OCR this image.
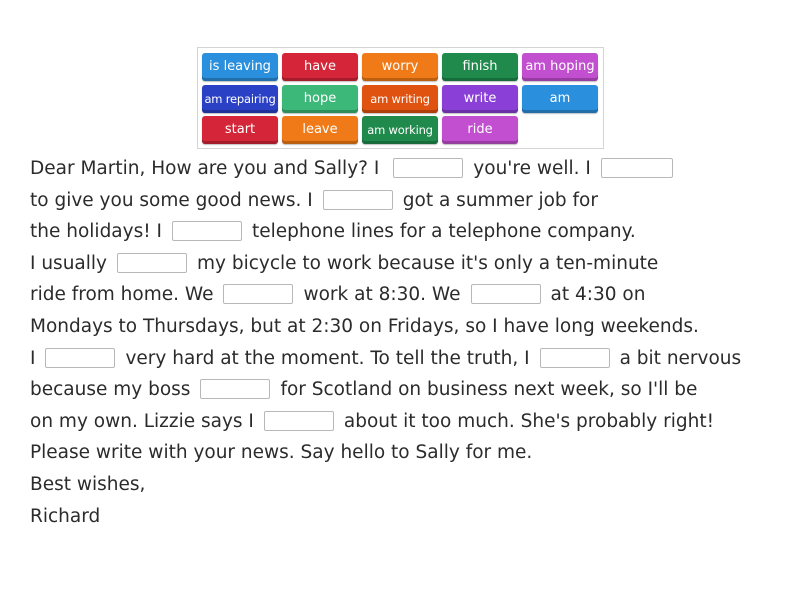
is leaving	have	worry	finish	am hoping
am repairing	hope	am writing	write	am
start	leave	am working	ride
Dear Martin, How are you and Sally? I	you're well. I
to give you some good news. I	got a summer job for
the holidays! I	telephone lines for a telephone company.
I usually	my bicycle to work because it's only a ten-minute
ride from home. We	work at 8:30. We	at 4:30 on
Mondays to Thursdays, but at 2:30 on Fridays, so I have long weekends.
I	very hard at the moment. To tell the truth, I	a bit nervous
because my boss	for Scotland on business next week, so I'll be
on my own. Lizzie says I	about it too much. She's probably right!
Please write with your news. Say hello to Sally for me.
Best wishes,
Richard
